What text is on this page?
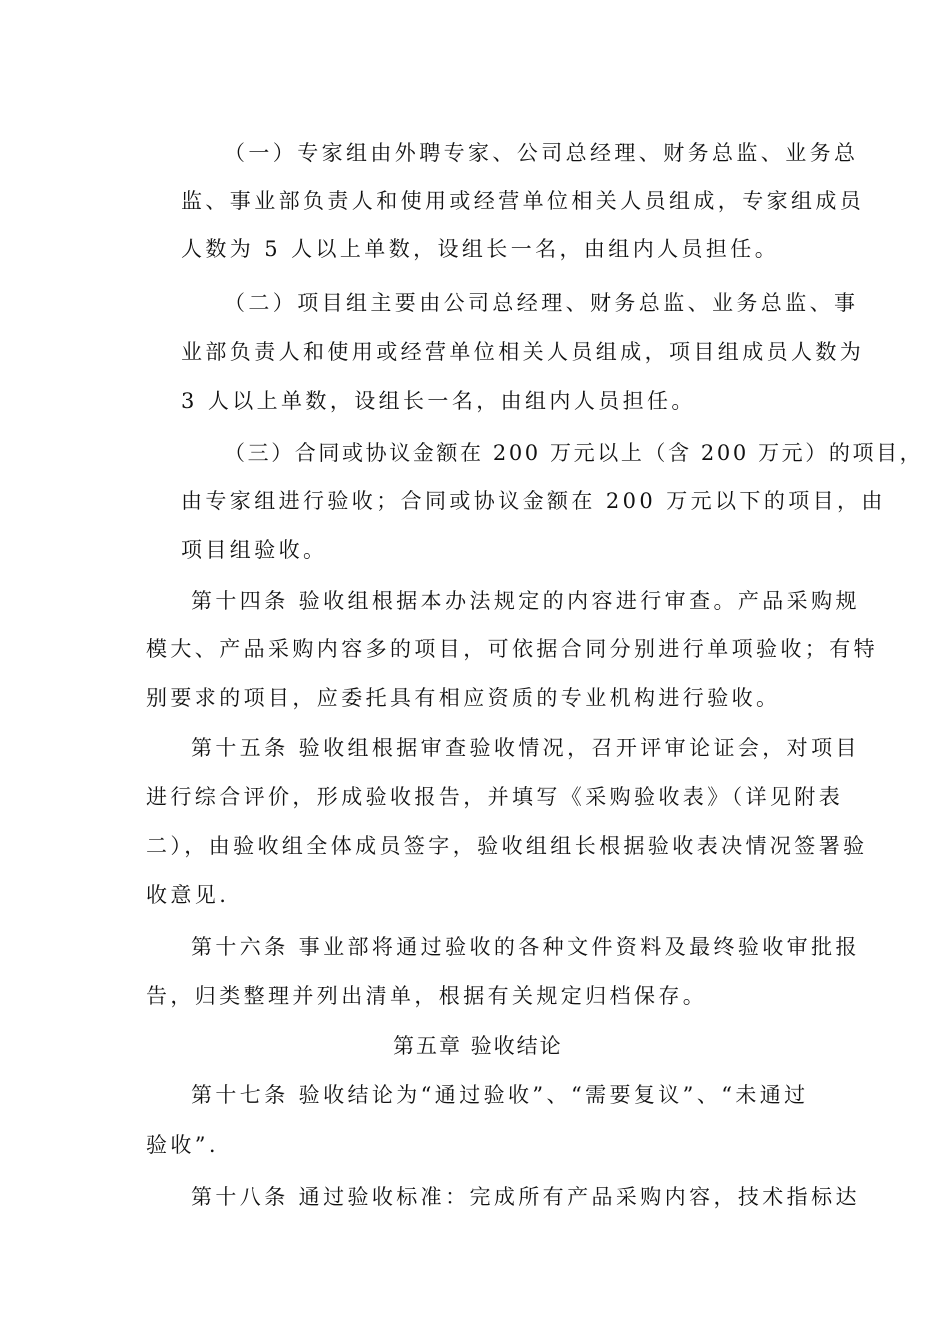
（一）专家组由外聘专家、公司总经理、财务总监、业务总
监、事业部负责人和使用或经营单位相关人员组成，专家组成员
人数为 5 人以上单数，设组长一名，由组内人员担任。
（二）项目组主要由公司总经理、财务总监、业务总监、事
业部负责人和使用或经营单位相关人员组成，项目组成员人数为
3 人以上单数，设组长一名，由组内人员担任。
（三）合同或协议金额在 200 万元以上（含 200 万元）的项目，
由专家组进行验收；合同或协议金额在 200 万元以下的项目，由
项目组验收。
第十四条 验收组根据本办法规定的内容进行审查。产品采购规
模大、产品采购内容多的项目，可依据合同分别进行单项验收；有特
别要求的项目，应委托具有相应资质的专业机构进行验收。
第十五条 验收组根据审查验收情况，召开评审论证会，对项目
进行综合评价，形成验收报告，并填写《采购验收表》（详见附表
二），由验收组全体成员签字，验收组组长根据验收表决情况签署验
收意见.
第十六条 事业部将通过验收的各种文件资料及最终验收审批报
告，归类整理并列出清单，根据有关规定归档保存。
第五章 验收结论
第十七条 验收结论为“通过验收”、“需要复议”、“未通过
验收”.
第十八条 通过验收标准：完成所有产品采购内容，技术指标达
